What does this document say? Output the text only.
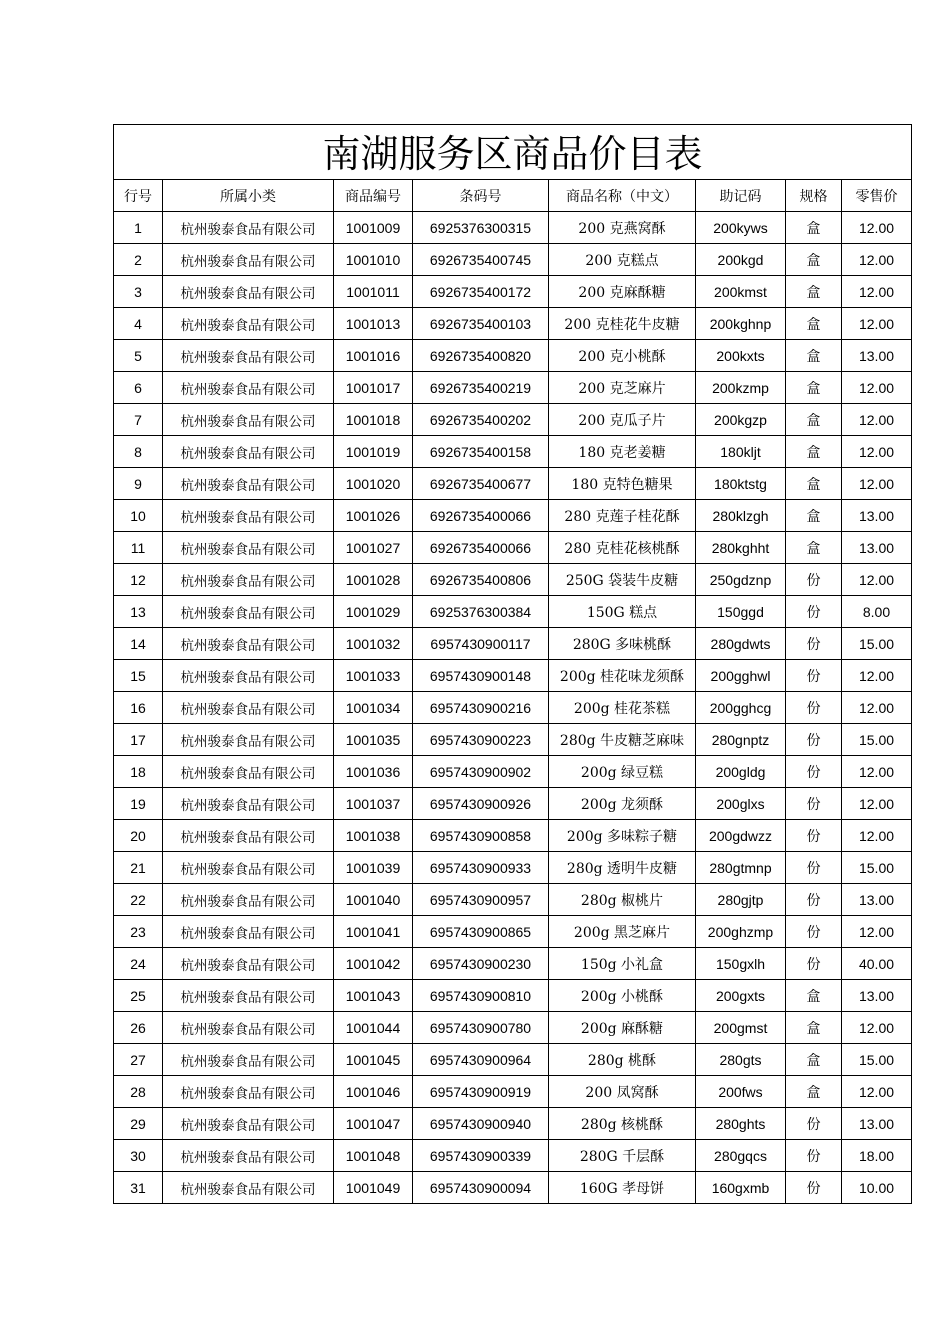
南湖服务区商品价目表							
行号	所属小类	商品编号	条码号	商品名称（中文）	助记码	规格	零售价
1	杭州骏泰食品有限公司	1001009	6925376300315	200 克燕窝酥	200kyws	盒	12.00
2	杭州骏泰食品有限公司	1001010	6926735400745	200 克糕点	200kgd	盒	12.00
3	杭州骏泰食品有限公司	1001011	6926735400172	200 克麻酥糖	200kmst	盒	12.00
4	杭州骏泰食品有限公司	1001013	6926735400103	200 克桂花牛皮糖	200kghnp	盒	12.00
5	杭州骏泰食品有限公司	1001016	6926735400820	200 克小桃酥	200kxts	盒	13.00
6	杭州骏泰食品有限公司	1001017	6926735400219	200 克芝麻片	200kzmp	盒	12.00
7	杭州骏泰食品有限公司	1001018	6926735400202	200 克瓜子片	200kgzp	盒	12.00
8	杭州骏泰食品有限公司	1001019	6926735400158	180 克老姜糖	180kljt	盒	12.00
9	杭州骏泰食品有限公司	1001020	6926735400677	180 克特色糖果	180ktstg	盒	12.00
10	杭州骏泰食品有限公司	1001026	6926735400066	280 克莲子桂花酥	280klzgh	盒	13.00
11	杭州骏泰食品有限公司	1001027	6926735400066	280 克桂花核桃酥	280kghht	盒	13.00
12	杭州骏泰食品有限公司	1001028	6926735400806	250G 袋装牛皮糖	250gdznp	份	12.00
13	杭州骏泰食品有限公司	1001029	6925376300384	150G 糕点	150ggd	份	8.00
14	杭州骏泰食品有限公司	1001032	6957430900117	280G 多味桃酥	280gdwts	份	15.00
15	杭州骏泰食品有限公司	1001033	6957430900148	200g 桂花味龙须酥	200gghwl	份	12.00
16	杭州骏泰食品有限公司	1001034	6957430900216	200g 桂花茶糕	200gghcg	份	12.00
17	杭州骏泰食品有限公司	1001035	6957430900223	280g 牛皮糖芝麻味	280gnptz	份	15.00
18	杭州骏泰食品有限公司	1001036	6957430900902	200g 绿豆糕	200gldg	份	12.00
19	杭州骏泰食品有限公司	1001037	6957430900926	200g 龙须酥	200glxs	份	12.00
20	杭州骏泰食品有限公司	1001038	6957430900858	200g 多味粽子糖	200gdwzz	份	12.00
21	杭州骏泰食品有限公司	1001039	6957430900933	280g 透明牛皮糖	280gtmnp	份	15.00
22	杭州骏泰食品有限公司	1001040	6957430900957	280g 椒桃片	280gjtp	份	13.00
23	杭州骏泰食品有限公司	1001041	6957430900865	200g 黑芝麻片	200ghzmp	份	12.00
24	杭州骏泰食品有限公司	1001042	6957430900230	150g 小礼盒	150gxlh	份	40.00
25	杭州骏泰食品有限公司	1001043	6957430900810	200g 小桃酥	200gxts	盒	13.00
26	杭州骏泰食品有限公司	1001044	6957430900780	200g 麻酥糖	200gmst	盒	12.00
27	杭州骏泰食品有限公司	1001045	6957430900964	280g 桃酥	280gts	盒	15.00
28	杭州骏泰食品有限公司	1001046	6957430900919	200 凤窝酥	200fws	盒	12.00
29	杭州骏泰食品有限公司	1001047	6957430900940	280g 核桃酥	280ghts	份	13.00
30	杭州骏泰食品有限公司	1001048	6957430900339	280G 千层酥	280gqcs	份	18.00
31	杭州骏泰食品有限公司	1001049	6957430900094	160G 孝母饼	160gxmb	份	10.00
